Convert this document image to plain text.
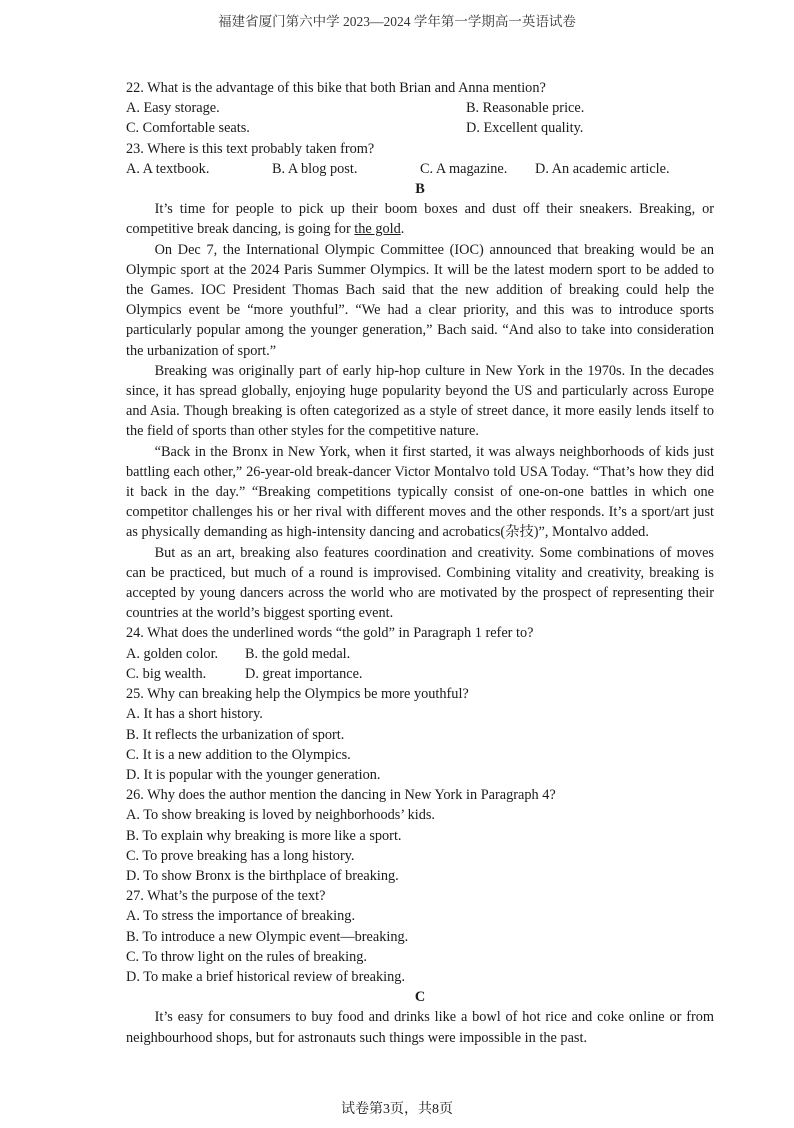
福建省厦门第六中学 2023—2024 学年第一学期高一英语试卷
22. What is the advantage of this bike that both Brian and Anna mention?
A. Easy storage.	B. Reasonable price.
C. Comfortable seats.	D. Excellent quality.
23. Where is this text probably taken from?
A. A textbook.	B. A blog post.	C. A magazine.	D. An academic article.
B
It’s time for people to pick up their boom boxes and dust off their sneakers. Breaking, or competitive break dancing, is going for the gold.
On Dec 7, the International Olympic Committee (IOC) announced that breaking would be an Olympic sport at the 2024 Paris Summer Olympics. It will be the latest modern sport to be added to the Games. IOC President Thomas Bach said that the new addition of breaking could help the Olympics event be “more youthful”. “We had a clear priority, and this was to introduce sports particularly popular among the younger generation,” Bach said. “And also to take into consideration the urbanization of sport.”
Breaking was originally part of early hip-hop culture in New York in the 1970s. In the decades since, it has spread globally, enjoying huge popularity beyond the US and particularly across Europe and Asia. Though breaking is often categorized as a style of street dance, it more easily lends itself to the field of sports than other styles for the competitive nature.
“Back in the Bronx in New York, when it first started, it was always neighborhoods of kids just battling each other,” 26-year-old break-dancer Victor Montalvo told USA Today. “That’s how they did it back in the day.” “Breaking competitions typically consist of one-on-one battles in which one competitor challenges his or her rival with different moves and the other responds. It’s a sport/art just as physically demanding as high-intensity dancing and acrobatics(杂技)”, Montalvo added.
But as an art, breaking also features coordination and creativity. Some combinations of moves can be practiced, but much of a round is improvised. Combining vitality and creativity, breaking is accepted by young dancers across the world who are motivated by the prospect of representing their countries at the world’s biggest sporting event.
24. What does the underlined words “the gold” in Paragraph 1 refer to?
A. golden color. B. the gold medal.
C. big wealth.	D. great importance.
25. Why can breaking help the Olympics be more youthful?
A. It has a short history.
B. It reflects the urbanization of sport.
C. It is a new addition to the Olympics.
D. It is popular with the younger generation.
26. Why does the author mention the dancing in New York in Paragraph 4?
A. To show breaking is loved by neighborhoods’ kids.
B. To explain why breaking is more like a sport.
C. To prove breaking has a long history.
D. To show Bronx is the birthplace of breaking.
27. What’s the purpose of the text?
A. To stress the importance of breaking.
B. To introduce a new Olympic event—breaking.
C. To throw light on the rules of breaking.
D. To make a brief historical review of breaking.
C
It’s easy for consumers to buy food and drinks like a bowl of hot rice and coke online or from neighbourhood shops, but for astronauts such things were impossible in the past.
试卷第3页，共8页
